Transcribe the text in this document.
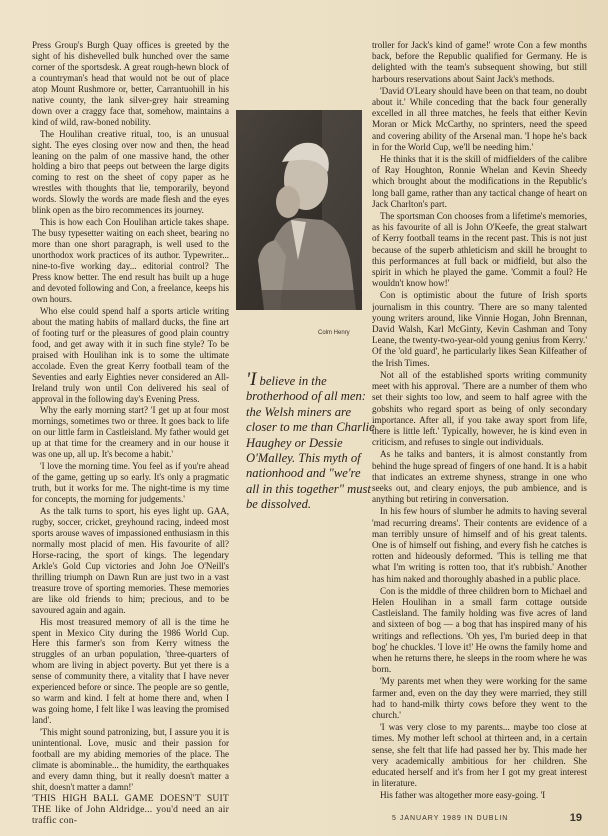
Press Group's Burgh Quay offices is greeted by the sight of his dishevelled bulk hunched over the same corner of the sportsdesk. A great rough-hewn block of a countryman's head that would not be out of place atop Mount Rushmore or, better, Carrantuohill in his native county, the lank silver-grey hair streaming down over a craggy face that, somehow, maintains a kind of wild, raw-boned nobility.

The Houlihan creative ritual, too, is an unusual sight. The eyes closing over now and then, the head leaning on the palm of one massive hand, the other holding a biro that peeps out between the large digits coming to rest on the sheet of copy paper as he wrestles with thoughts that lie, temporarily, beyond words. Slowly the words are made flesh and the eyes blink open as the biro recommences its journey.

This is how each Con Houlihan article takes shape. The busy typesetter waiting on each sheet, bearing no more than one short paragraph, is well used to the unorthodox work practices of its author. Typewriter... nine-to-five working day... editorial control? The Press know better. The end result has built up a huge and devoted following and Con, a freelance, keeps his own hours.

Who else could spend half a sports article writing about the mating habits of mallard ducks, the fine art of footing turf or the pleasures of good plain country food, and get away with it in such fine style? To be praised with Houlihan ink is to some the ultimate accolade. Even the great Kerry football team of the Seventies and early Eighties never considered an All-Ireland truly won until Con delivered his seal of approval in the following day's Evening Press.

Why the early morning start? 'I get up at four most mornings, sometimes two or three. It goes back to life on our little farm in Castleisland. My father would get up at that time for the creamery and in our house it was one up, all up. It's become a habit.'

'I love the morning time. You feel as if you're ahead of the game, getting up so early. It's only a pragmatic truth, but it works for me. The night-time is my time for concepts, the morning for judgements.'

As the talk turns to sport, his eyes light up. GAA, rugby, soccer, cricket, greyhound racing, indeed most sports arouse waves of impassioned enthusiasm in this normally most placid of men. His favourite of all? Horse-racing, the sport of kings. The legendary Arkle's Gold Cup victories and John Joe O'Neill's thrilling triumph on Dawn Run are just two in a vast treasure trove of sporting memories. These memories are like old friends to him; precious, and to be savoured again and again.

His most treasured memory of all is the time he spent in Mexico City during the 1986 World Cup. Here this farmer's son from Kerry witness the struggles of an urban population, 'three-quarters of whom are living in abject poverty. But yet there is a sense of community there, a vitality that I have never experienced before or since. The people are so gentle, so warm and kind. I felt at home there and, when I was going home, I felt like I was leaving the promised land'.

'This might sound patronizing, but, I assure you it is unintentional. Love, music and their passion for football are my abiding memories of the place. The climate is abominable... the humidity, the earthquakes and every damn thing, but it really doesn't matter a shit, doesn't matter a damn!'

'THIS HIGH BALL GAME DOESN'T SUIT THE like of John Aldridge... you'd need an air traffic con-

Colm Henry
'I believe in the brotherhood of all men: the Welsh miners are closer to me than Charlie Haughey or Dessie O'Malley. This myth of nationhood and "we're all in this together" must be dissolved.

troller for Jack's kind of game!' wrote Con a few months back, before the Republic qualified for Germany. He is delighted with the team's subsequent showing, but still harbours reservations about Saint Jack's methods.

'David O'Leary should have been on that team, no doubt about it.' While conceding that the back four generally excelled in all three matches, he feels that either Kevin Moran or Mick McCarthy, no sprinters, need the speed and covering ability of the Arsenal man. 'I hope he's back in for the World Cup, we'll be needing him.'

He thinks that it is the skill of midfielders of the calibre of Ray Houghton, Ronnie Whelan and Kevin Sheedy which brought about the modifications in the Republic's long ball game, rather than any tactical change of heart on Jack Charlton's part.

The sportsman Con chooses from a lifetime's memories, as his favourite of all is John O'Keefe, the great stalwart of Kerry football teams in the recent past. This is not just because of the superb athleticism and skill he brought to this performances at full back or midfield, but also the spirit in which he played the game. 'Commit a foul? He wouldn't know how!'

Con is optimistic about the future of Irish sports journalism in this country. 'There are so many talented young writers around, like Vinnie Hogan, John Brennan, David Walsh, Karl McGinty, Kevin Cashman and Tony Leane, the twenty-two-year-old young genius from Kerry.' Of the 'old guard', he particularly likes Sean Kilfeather of the Irish Times.

Not all of the established sports writing community meet with his approval. 'There are a number of them who set their sights too low, and seem to half agree with the gobshits who regard sport as being of only secondary importance. After all, if you take away sport from life, there is little left.' Typically, however, he is kind even in criticism, and refuses to single out individuals.

As he talks and banters, it is almost constantly from behind the huge spread of fingers of one hand. It is a habit that indicates an extreme shyness, strange in one who seeks out, and cleary enjoys, the pub ambience, and is anything but retiring in conversation.

In his few hours of slumber he admits to having several 'mad recurring dreams'. Their contents are evidence of a man terribly unsure of himself and of his great talents. One is of himself out fishing, and every fish he catches is rotten and hideously deformed. 'This is telling me that what I'm writing is rotten too, that it's rubbish.' Another has him naked and thoroughly abashed in a public place.

Con is the middle of three children born to Michael and Helen Houlihan in a small farm cottage outside Castleisland. The family holding was five acres of land and sixteen of bog — a bog that has inspired many of his writings and reflections. 'Oh yes, I'm buried deep in that bog' he chuckles. 'I love it!' He owns the family home and when he returns there, he sleeps in the room where he was born.

'My parents met when they were working for the same farmer and, even on the day they were married, they still had to hand-milk thirty cows before they went to the church.'

'I was very close to my parents... maybe too close at times. My mother left school at thirteen and, in a certain sense, she felt that life had passed her by. This made her very academically ambitious for her children. She educated herself and it's from her I got my great interest in literature.

His father was altogether more easy-going. 'I

5 JANUARY 1989 IN DUBLIN	19
